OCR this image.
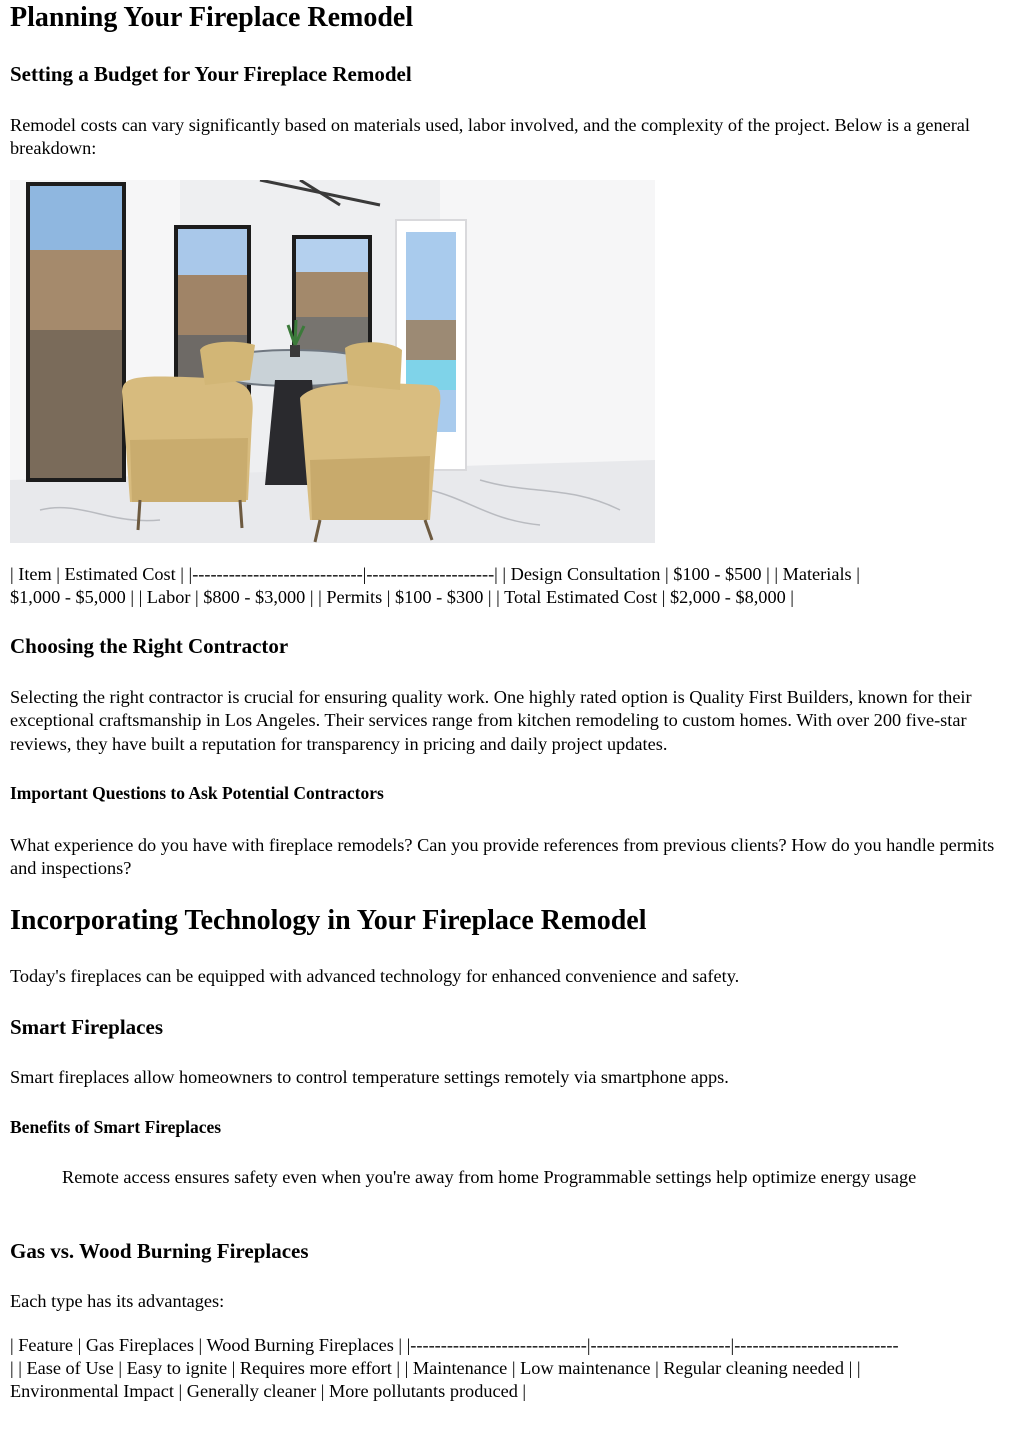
Planning Your Fireplace Remodel
Setting a Budget for Your Fireplace Remodel
Remodel costs can vary significantly based on materials used, labor involved, and the complexity of the project. Below is a general breakdown:
| Item | Estimated Cost | |----------------------------|---------------------| | Design Consultation | $100 - $500 | | Materials |
$1,000 - $5,000 | | Labor | $800 - $3,000 | | Permits | $100 - $300 | | Total Estimated Cost | $2,000 - $8,000 |
Choosing the Right Contractor
Selecting the right contractor is crucial for ensuring quality work. One highly rated option is Quality First Builders, known for their exceptional craftsmanship in Los Angeles. Their services range from kitchen remodeling to custom homes. With over 200 five-star reviews, they have built a reputation for transparency in pricing and daily project updates.
Important Questions to Ask Potential Contractors
What experience do you have with fireplace remodels? Can you provide references from previous clients? How do you handle permits and inspections?
Incorporating Technology in Your Fireplace Remodel
Today's fireplaces can be equipped with advanced technology for enhanced convenience and safety.
Smart Fireplaces
Smart fireplaces allow homeowners to control temperature settings remotely via smartphone apps.
Benefits of Smart Fireplaces
Remote access ensures safety even when you're away from home Programmable settings help optimize energy usage
Gas vs. Wood Burning Fireplaces
Each type has its advantages:
| Feature | Gas Fireplaces | Wood Burning Fireplaces | |-----------------------------|-----------------------|---------------------------
| | Ease of Use | Easy to ignite | Requires more effort | | Maintenance | Low maintenance | Regular cleaning needed | |
Environmental Impact | Generally cleaner | More pollutants produced |
